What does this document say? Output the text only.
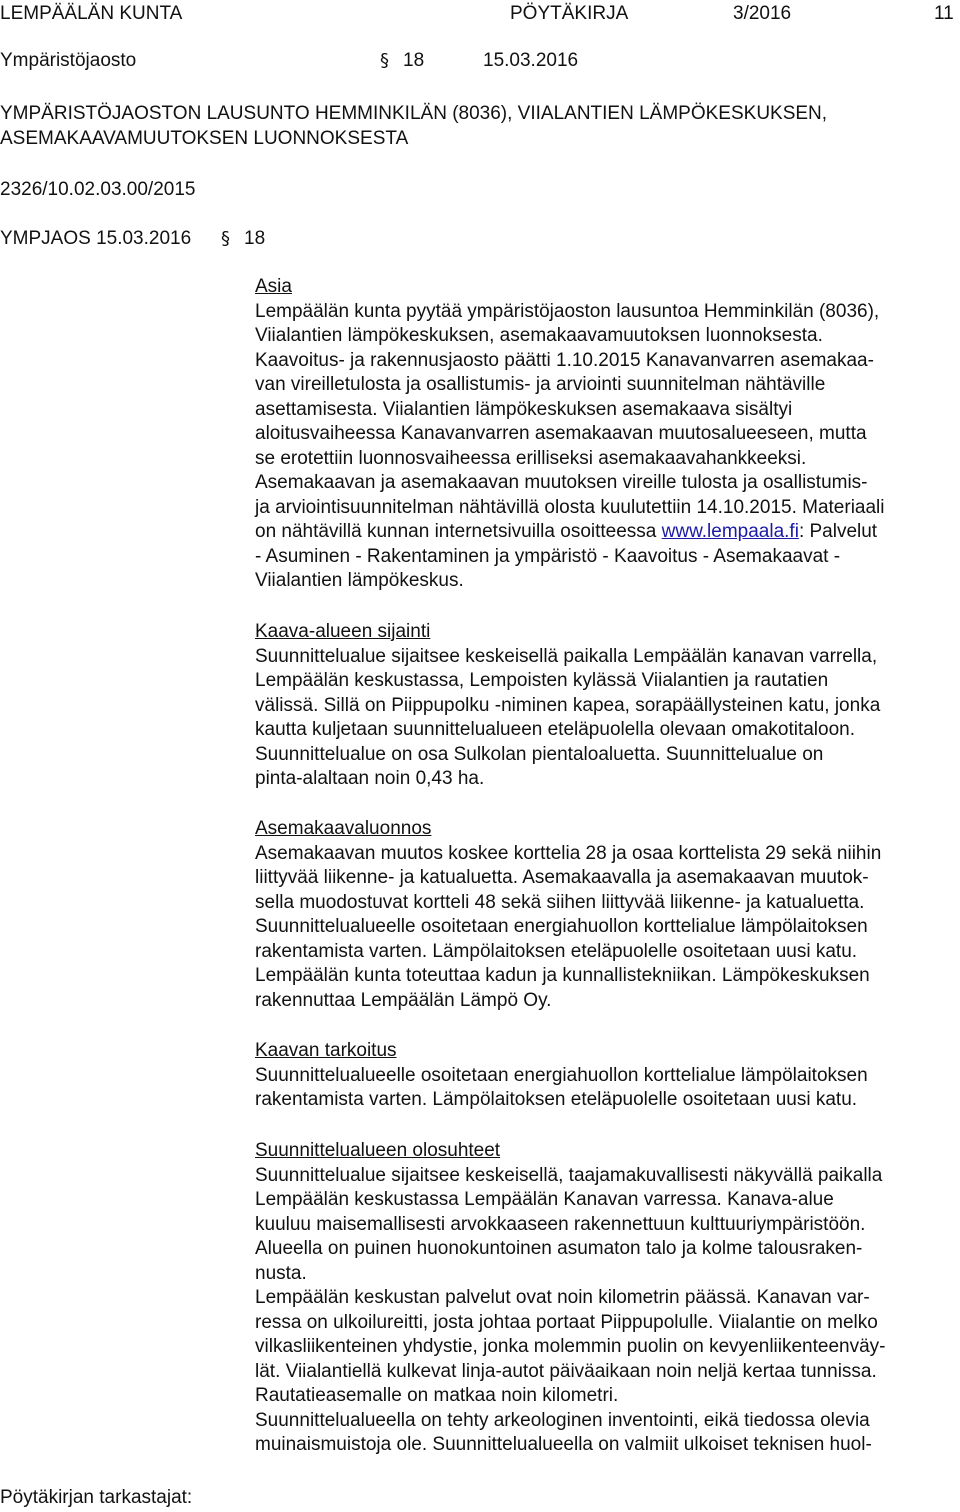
LEMPÄÄLÄN KUNTA	PÖYTÄKIRJA	3/2016	11
Ympäristöjaosto	§ 18	15.03.2016
YMPÄRISTÖJAOSTON LAUSUNTO HEMMINKILÄN (8036), VIIALANTIEN LÄMPÖKESKUKSEN,
ASEMAKAAVAMUUTOKSEN LUONNOKSESTA
2326/10.02.03.00/2015
YMPJAOS 15.03.2016 § 18

Asia

Lempäälän kunta pyytää ympäristöjaoston lausuntoa Hemminkilän (8036),
Viialantien lämpökeskuksen, asemakaavamuutoksen luonnoksesta.
Kaavoitus- ja rakennusjaosto päätti 1.10.2015 Kanavanvarren asemakaa-
van vireilletulosta ja osallistumis- ja arviointi suunnitelman nähtäville
asettamisesta. Viialantien lämpökeskuksen asemakaava sisältyi
aloitusvaiheessa Kanavanvarren asemakaavan muutosalueeseen, mutta
se erotettiin luonnosvaiheessa erilliseksi asemakaavahankkeeksi.
Asemakaavan ja asemakaavan muutoksen vireille tulosta ja osallistumis-
ja arviointisuunnitelman nähtävillä olosta kuulutettiin 14.10.2015. Materiaali
on nähtävillä kunnan internetsivuilla osoitteessa www.lempaala.fi: Palvelut
- Asuminen - Rakentaminen ja ympäristö - Kaavoitus - Asemakaavat -
Viialantien lämpökeskus.

Kaava-alueen sijainti

Suunnittelualue sijaitsee keskeisellä paikalla Lempäälän kanavan varrella,
Lempäälän keskustassa, Lempoisten kylässä Viialantien ja rautatien
välissä. Sillä on Piippupolku -niminen kapea, sorapäällysteinen katu, jonka
kautta kuljetaan suunnittelualueen eteläpuolella olevaan omakotitaloon.
Suunnittelualue on osa Sulkolan pientaloaluetta. Suunnittelualue on
pinta-alaltaan noin 0,43 ha.

Asemakaavaluonnos

Asemakaavan muutos koskee korttelia 28 ja osaa korttelista 29 sekä niihin
liittyvää liikenne- ja katualuetta. Asemakaavalla ja asemakaavan muutok-
sella muodostuvat kortteli 48 sekä siihen liittyvää liikenne- ja katualuetta.
Suunnittelualueelle osoitetaan energiahuollon korttelialue lämpölaitoksen
rakentamista varten. Lämpölaitoksen eteläpuolelle osoitetaan uusi katu.
Lempäälän kunta toteuttaa kadun ja kunnallistekniikan. Lämpökeskuksen
rakennuttaa Lempäälän Lämpö Oy.

Kaavan tarkoitus

Suunnittelualueelle osoitetaan energiahuollon korttelialue lämpölaitoksen
rakentamista varten. Lämpölaitoksen eteläpuolelle osoitetaan uusi katu.

Suunnittelualueen olosuhteet

Suunnittelualue sijaitsee keskeisellä, taajamakuvallisesti näkyvällä paikalla
Lempäälän keskustassa Lempäälän Kanavan varressa. Kanava-alue
kuuluu maisemallisesti arvokkaaseen rakennettuun kulttuuriympäristöön.
Alueella on puinen huonokuntoinen asumaton talo ja kolme talousraken-
nusta.
Lempäälän keskustan palvelut ovat noin kilometrin päässä. Kanavan var-
ressa on ulkoilureitti, josta johtaa portaat Piippupolulle. Viialantie on melko
vilkasliikenteinen yhdystie, jonka molemmin puolin on kevyenliikenteenväy-
lät. Viialantiellä kulkevat linja-autot päiväaikaan noin neljä kertaa tunnissa.
Rautatieasemalle on matkaa noin kilometri.
Suunnittelualueella on tehty arkeologinen inventointi, eikä tiedossa olevia
muinaismuistoja ole. Suunnittelualueella on valmiit ulkoiset teknisen huol-
Pöytäkirjan tarkastajat:
